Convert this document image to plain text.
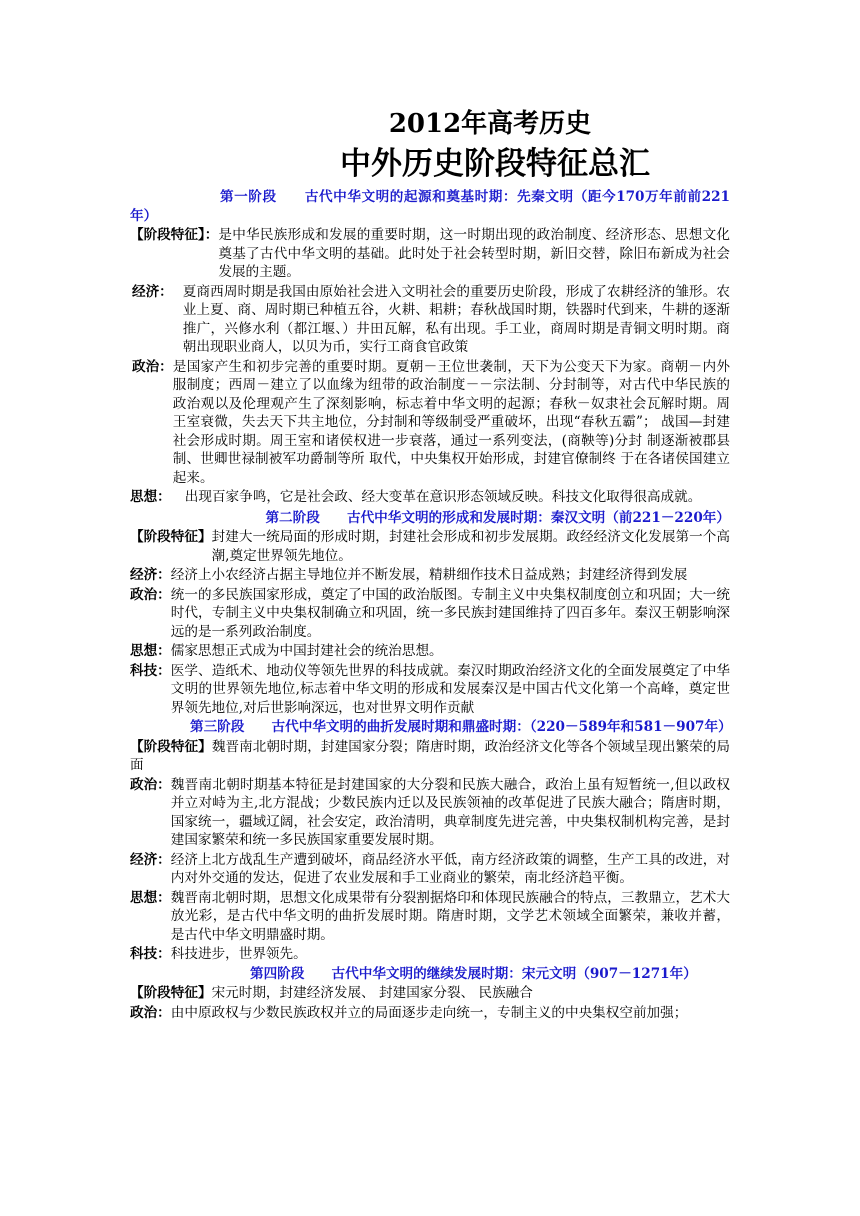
2012年高考历史
中外历史阶段特征总汇
第一阶段　　古代中华文明的起源和奠基时期：先秦文明（距今170万年前前221年）
【阶段特征】： 是中华民族形成和发展的重要时期，这一时期出现的政治制度、经济形态、思想文化奠基了古代中华文明的基础。此时处于社会转型时期，新旧交替，除旧布新成为社会发展的主题。
经济： 夏商西周时期是我国由原始社会进入文明社会的重要历史阶段，形成了农耕经济的雏形。农业上夏、商、周时期已种植五谷，火耕、耜耕；春秋战国时期，铁器时代到来，牛耕的逐渐推广，兴修水利（都江堰、）井田瓦解，私有出现。手工业，商周时期是青铜文明时期。商朝出现职业商人，以贝为币，实行工商食官政策
政治： 是国家产生和初步完善的重要时期。夏朝－王位世袭制，天下为公变天下为家。商朝－内外服制度；西周－建立了以血缘为纽带的政治制度－－宗法制、分封制等，对古代中华民族的政治观以及伦理观产生了深刻影响，标志着中华文明的起源；春秋－奴隶社会瓦解时期。周王室衰微，失去天下共主地位，分封制和等级制受严重破坏，出现“春秋五霸”； 战国—封建社会形成时期。周王室和诸侯权进一步衰落，通过一系列变法，(商鞅等)分封 制逐渐被郡县制、世卿世禄制被军功爵制等所 取代，中央集权开始形成，封建官僚制终 于在各诸侯国建立起来。
思想： 出现百家争鸣，它是社会政、经大变革在意识形态领域反映。科技文化取得很高成就。
第二阶段　　古代中华文明的形成和发展时期：秦汉文明（前221－220年）
【阶段特征】 封建大一统局面的形成时期，封建社会形成和初步发展期。政经经济文化发展第一个高潮,奠定世界领先地位。
经济：经济上小农经济占据主导地位并不断发展，精耕细作技术日益成熟；封建经济得到发展
政治： 统一的多民族国家形成，奠定了中国的政治版图。专制主义中央集权制度创立和巩固；大一统时代，专制主义中央集权制确立和巩固，统一多民族封建国维持了四百多年。秦汉王朝影响深远的是一系列政治制度。
思想： 儒家思想正式成为中国封建社会的统治思想。
科技： 医学、造纸术、地动仪等领先世界的科技成就。秦汉时期政治经济文化的全面发展奠定了中华文明的世界领先地位,标志着中华文明的形成和发展秦汉是中国古代文化第一个高峰，奠定世界领先地位,对后世影响深远，也对世界文明作贡献
第三阶段　　古代中华文明的曲折发展时期和鼎盛时期：（220－589年和581－907年）
【阶段特征】魏晋南北朝时期，封建国家分裂；隋唐时期，政治经济文化等各个领域呈现出繁荣的局面
政治： 魏晋南北朝时期基本特征是封建国家的大分裂和民族大融合，政治上虽有短暂统一,但以政权并立对峙为主,北方混战；少数民族内迁以及民族领袖的改革促进了民族大融合；隋唐时期，国家统一，疆域辽阔，社会安定，政治清明，典章制度先进完善，中央集权制机构完善，是封建国家繁荣和统一多民族国家重要发展时期。
经济： 经济上北方战乱生产遭到破坏，商品经济水平低，南方经济政策的调整，生产工具的改进，对内对外交通的发达，促进了农业发展和手工业商业的繁荣，南北经济趋平衡。
思想： 魏晋南北朝时期，思想文化成果带有分裂割据烙印和体现民族融合的特点，三教鼎立，艺术大放光彩，是古代中华文明的曲折发展时期。隋唐时期，文学艺术领域全面繁荣，兼收并蓄， 是古代中华文明鼎盛时期。
科技： 科技进步，世界领先。
第四阶段　　古代中华文明的继续发展时期：宋元文明（907－1271年）
【阶段特征】宋元时期，封建经济发展、 封建国家分裂、 民族融合
政治： 由中原政权与少数民族政权并立的局面逐步走向统一，专制主义的中央集权空前加强；
